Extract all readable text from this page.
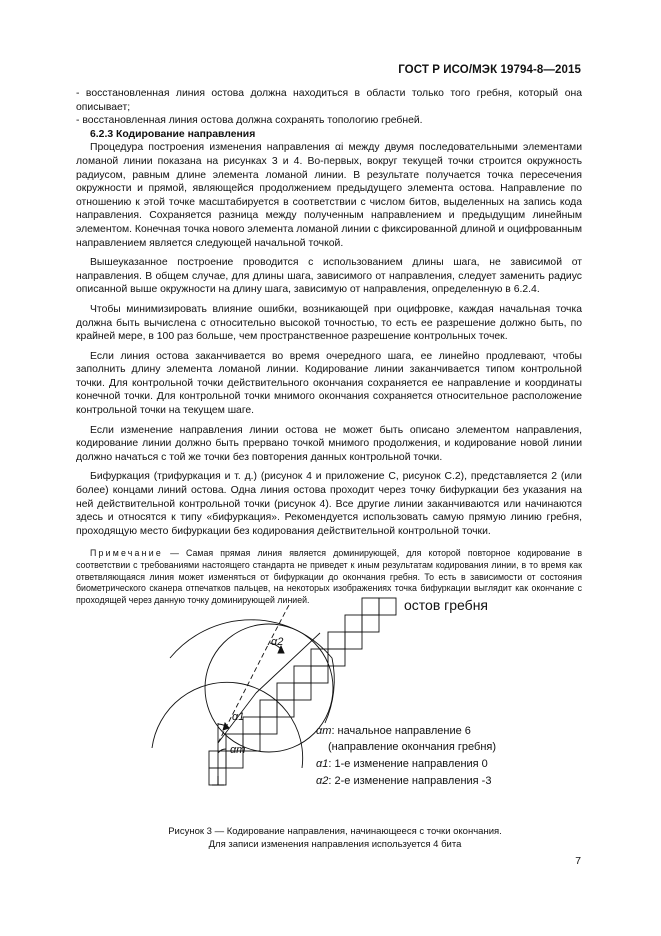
ГОСТ Р ИСО/МЭК 19794-8—2015

- восстановленная линия остова должна находиться в области только того гребня, который она описывает;

- восстановленная линия остова должна сохранять топологию гребней.

6.2.3 Кодирование направления

Процедура построения изменения направления αi между двумя последовательными элементами ломаной линии показана на рисунках 3 и 4. Во-первых, вокруг текущей точки строится окружность радиусом, равным длине элемента ломаной линии. В результате получается точка пересечения окружности и прямой, являющейся продолжением предыдущего элемента остова. Направление по отношению к этой точке масштабируется в соответствии с числом битов, выделенных на запись кода направления. Сохраняется разница между полученным направлением и предыдущим линейным элементом. Конечная точка нового элемента ломаной линии с фиксированной длиной и оцифрованным направлением является следующей начальной точкой.

Вышеуказанное построение проводится с использованием длины шага, не зависимой от направления. В общем случае, для длины шага, зависимого от направления, следует заменить радиус описанной выше окружности на длину шага, зависимую от направления, определенную в 6.2.4.

Чтобы минимизировать влияние ошибки, возникающей при оцифровке, каждая начальная точка должна быть вычислена с относительно высокой точностью, то есть ее разрешение должно быть, по крайней мере, в 100 раз больше, чем пространственное разрешение контрольных точек.

Если линия остова заканчивается во время очередного шага, ее линейно продлевают, чтобы заполнить длину элемента ломаной линии. Кодирование линии заканчивается типом контрольной точки. Для контрольной точки действительного окончания сохраняется ее направление и координаты конечной точки. Для контрольной точки мнимого окончания сохраняется относительное расположение контрольной точки на текущем шаге.

Если изменение направления линии остова не может быть описано элементом направления, кодирование линии должно быть прервано точкой мнимого продолжения, и кодирование новой линии должно начаться с той же точки без повторения данных контрольной точки.

Бифуркация (трифуркация и т. д.) (рисунок 4 и приложение С, рисунок С.2), представляется 2 (или более) концами линий остова. Одна линия остова проходит через точку бифуркации без указания на ней действительной контрольной точки (рисунок 4). Все другие линии заканчиваются или начинаются здесь и относятся к типу «бифуркация». Рекомендуется использовать самую прямую линию гребня, проходящую место бифуркации без кодирования действительной контрольной точки.

Примечание — Самая прямая линия является доминирующей, для которой повторное кодирование в соответствии с требованиями настоящего стандарта не приведет к иным результатам кодирования линии, в то время как ответвляющаяся линия может изменяться от бифуркации до окончания гребня. То есть в зависимости от состояния биометрического сканера отпечатков пальцев, на некоторых изображениях точка бифуркации выглядит как окончание с проходящей через данную точку доминирующей линией.

α2
α1
αm
остов гребня
αm: начальное направление 6
(направление окончания гребня)
α1: 1-е изменение направления 0
α2: 2-е изменение направления -3
Рисунок 3 — Кодирование направления, начинающееся с точки окончания.
Для записи изменения направления используется 4 бита
7
